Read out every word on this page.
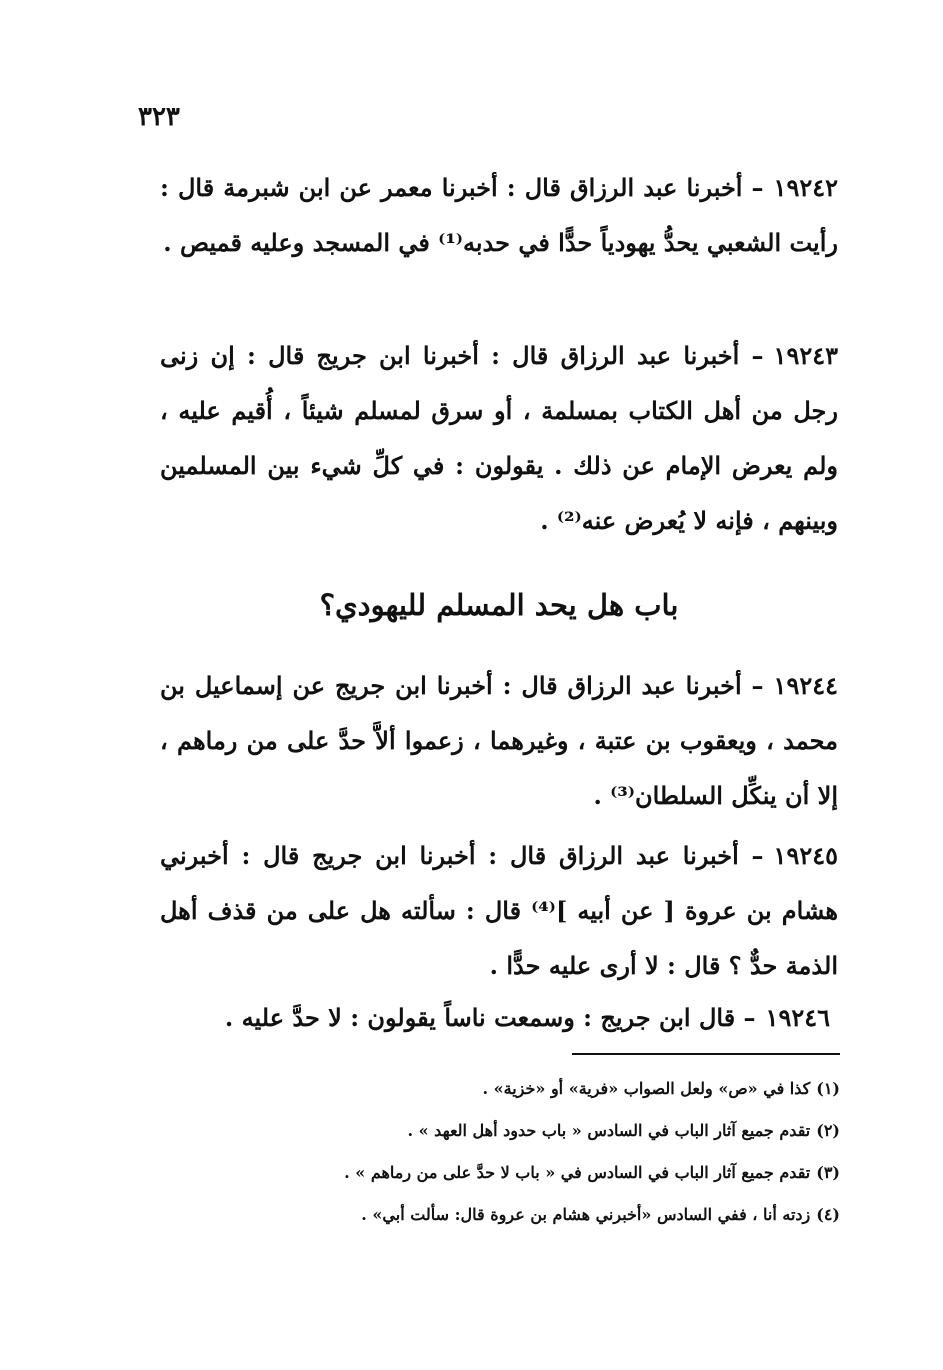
٣٢٣
١٩٢٤٢– أخبرنا عبد الرزاق قال : أخبرنا معمر عن ابن شبرمة قال : رأيت الشعبي يحدُّ يهودياً حدًّا في حدبه⁽¹⁾ في المسجد وعليه قميص .
١٩٢٤٣– أخبرنا عبد الرزاق قال : أخبرنا ابن جريج قال : إن زنى رجل من أهل الكتاب بمسلمة ، أو سرق لمسلم شيئاً ، أُقيم عليه ، ولم يعرض الإمام عن ذلك . يقولون : في كلِّ شيء بين المسلمين وبينهم ، فإنه لا يُعرض عنه⁽²⁾ .
باب هل يحد المسلم لليهودي؟
١٩٢٤٤– أخبرنا عبد الرزاق قال : أخبرنا ابن جريج عن إسماعيل بن محمد ، ويعقوب بن عتبة ، وغيرهما ، زعموا ألاَّ حدَّ على من رماهم ، إلا أن ينكِّل السلطان⁽³⁾ .
١٩٢٤٥– أخبرنا عبد الرزاق قال : أخبرنا ابن جريج قال : أخبرني هشام بن عروة [ عن أبيه ]⁽⁴⁾ قال : سألته هل على من قذف أهل الذمة حدٌّ ؟ قال : لا أرى عليه حدًّا .
١٩٢٤٦– قال ابن جريج : وسمعت ناساً يقولون : لا حدَّ عليه .
(١)كذا في «ص» ولعل الصواب «فرية» أو «خزية» .
(٢)تقدم جميع آثار الباب في السادس « باب حدود أهل العهد » .
(٣)تقدم جميع آثار الباب في السادس في « باب لا حدَّ على من رماهم » .
(٤)زدته أنا ، ففي السادس «أخبرني هشام بن عروة قال: سألت أبي» .
